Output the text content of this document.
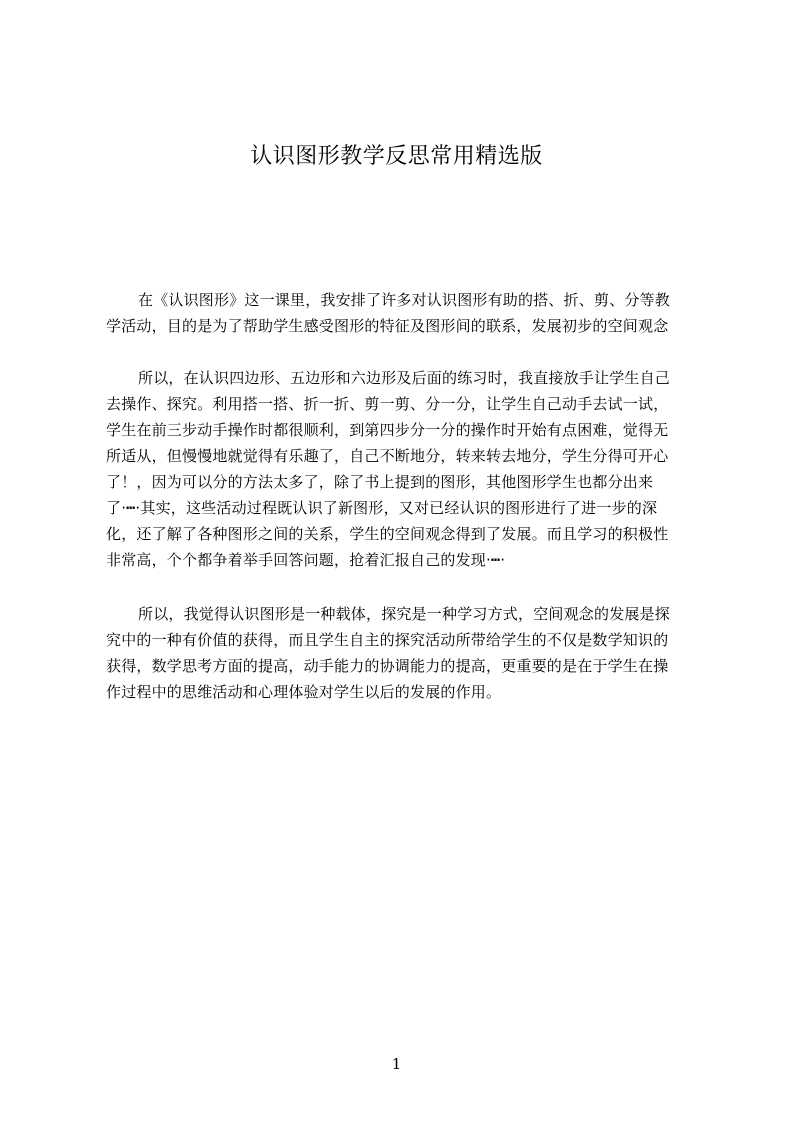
认识图形教学反思常用精选版
在《认识图形》这一课里，我安排了许多对认识图形有助的搭、折、剪、分等教
学活动，目的是为了帮助学生感受图形的特征及图形间的联系，发展初步的空间观念
所以，在认识四边形、五边形和六边形及后面的练习时，我直接放手让学生自己
去操作、探究。利用搭一搭、折一折、剪一剪、分一分，让学生自己动手去试一试，
学生在前三步动手操作时都很顺利，到第四步分一分的操作时开始有点困难，觉得无
所适从，但慢慢地就觉得有乐趣了，自己不断地分，转来转去地分，学生分得可开心
了！，因为可以分的方法太多了，除了书上提到的图形，其他图形学生也都分出来
了·┅·其实，这些活动过程既认识了新图形，又对已经认识的图形进行了进一步的深
化，还了解了各种图形之间的关系，学生的空间观念得到了发展。而且学习的积极性
非常高，个个都争着举手回答问题，抢着汇报自己的发现·┅·
所以，我觉得认识图形是一种载体，探究是一种学习方式，空间观念的发展是探
究中的一种有价值的获得，而且学生自主的探究活动所带给学生的不仅是数学知识的
获得，数学思考方面的提高，动手能力的协调能力的提高，更重要的是在于学生在操
作过程中的思维活动和心理体验对学生以后的发展的作用。
1
